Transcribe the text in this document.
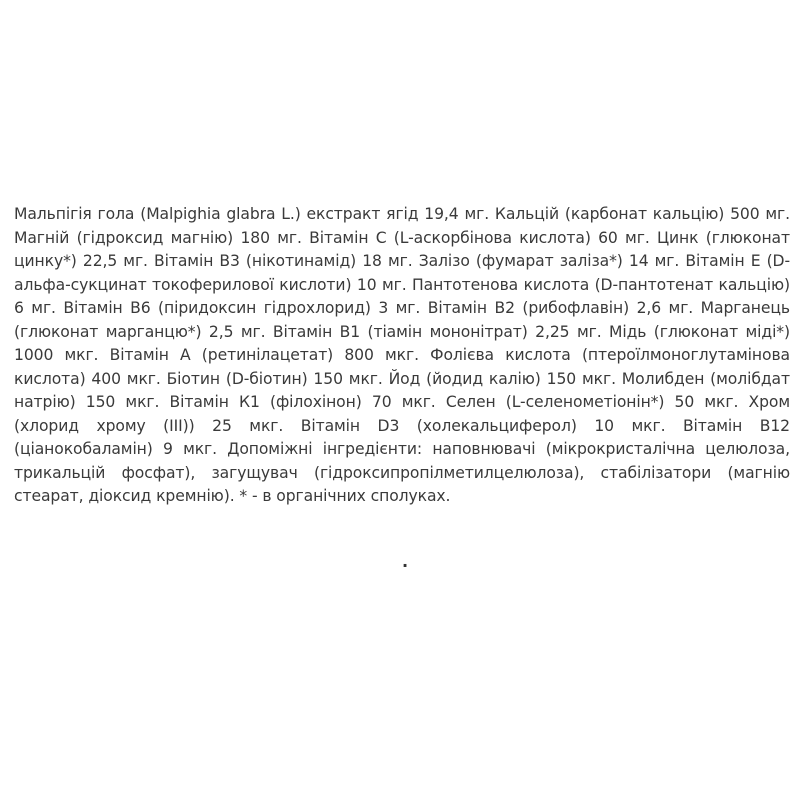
Мальпігія гола (Malpighia glabra L.) екстракт ягід 19,4 мг. Кальцій (карбонат кальцію) 500 мг. Магній (гідроксид магнію) 180 мг. Вітамін С (L-аскорбінова кислота) 60 мг. Цинк (глюконат цинку*) 22,5 мг. Вітамін В3 (нікотинамід) 18 мг. Залізо (фумарат заліза*) 14 мг. Вітамін Е (D-альфа-сукцинат токоферилової кислоти) 10 мг. Пантотенова кислота (D-пантотенат кальцію) 6 мг. Вітамін В6 (піридоксин гідрохлорид) 3 мг. Вітамін В2 (рибофлавін) 2,6 мг. Марганець (глюконат марганцю*) 2,5 мг. Вітамін В1 (тіамін мононітрат) 2,25 мг. Мідь (глюконат міді*) 1000 мкг. Вітамін А (ретинілацетат) 800 мкг. Фолієва кислота (птероїлмоноглутамінова кислота) 400 мкг. Біотин (D-біотин) 150 мкг. Йод (йодид калію) 150 мкг. Молибден (молібдат натрію) 150 мкг. Вітамін К1 (філохінон) 70 мкг. Селен (L-селенометіонін*) 50 мкг. Хром (хлорид хрому (III)) 25 мкг. Вітамін D3 (холекальциферол) 10 мкг. Вітамін В12 (ціанокобаламін) 9 мкг. Допоміжні інгредієнти: наповнювачі (мікрокристалічна целюлоза, трикальцій фосфат), загущувач (гідроксипропілметилцелюлоза), стабілізатори (магнію стеарат, діоксид кремнію). * - в органічних сполуках.

.
